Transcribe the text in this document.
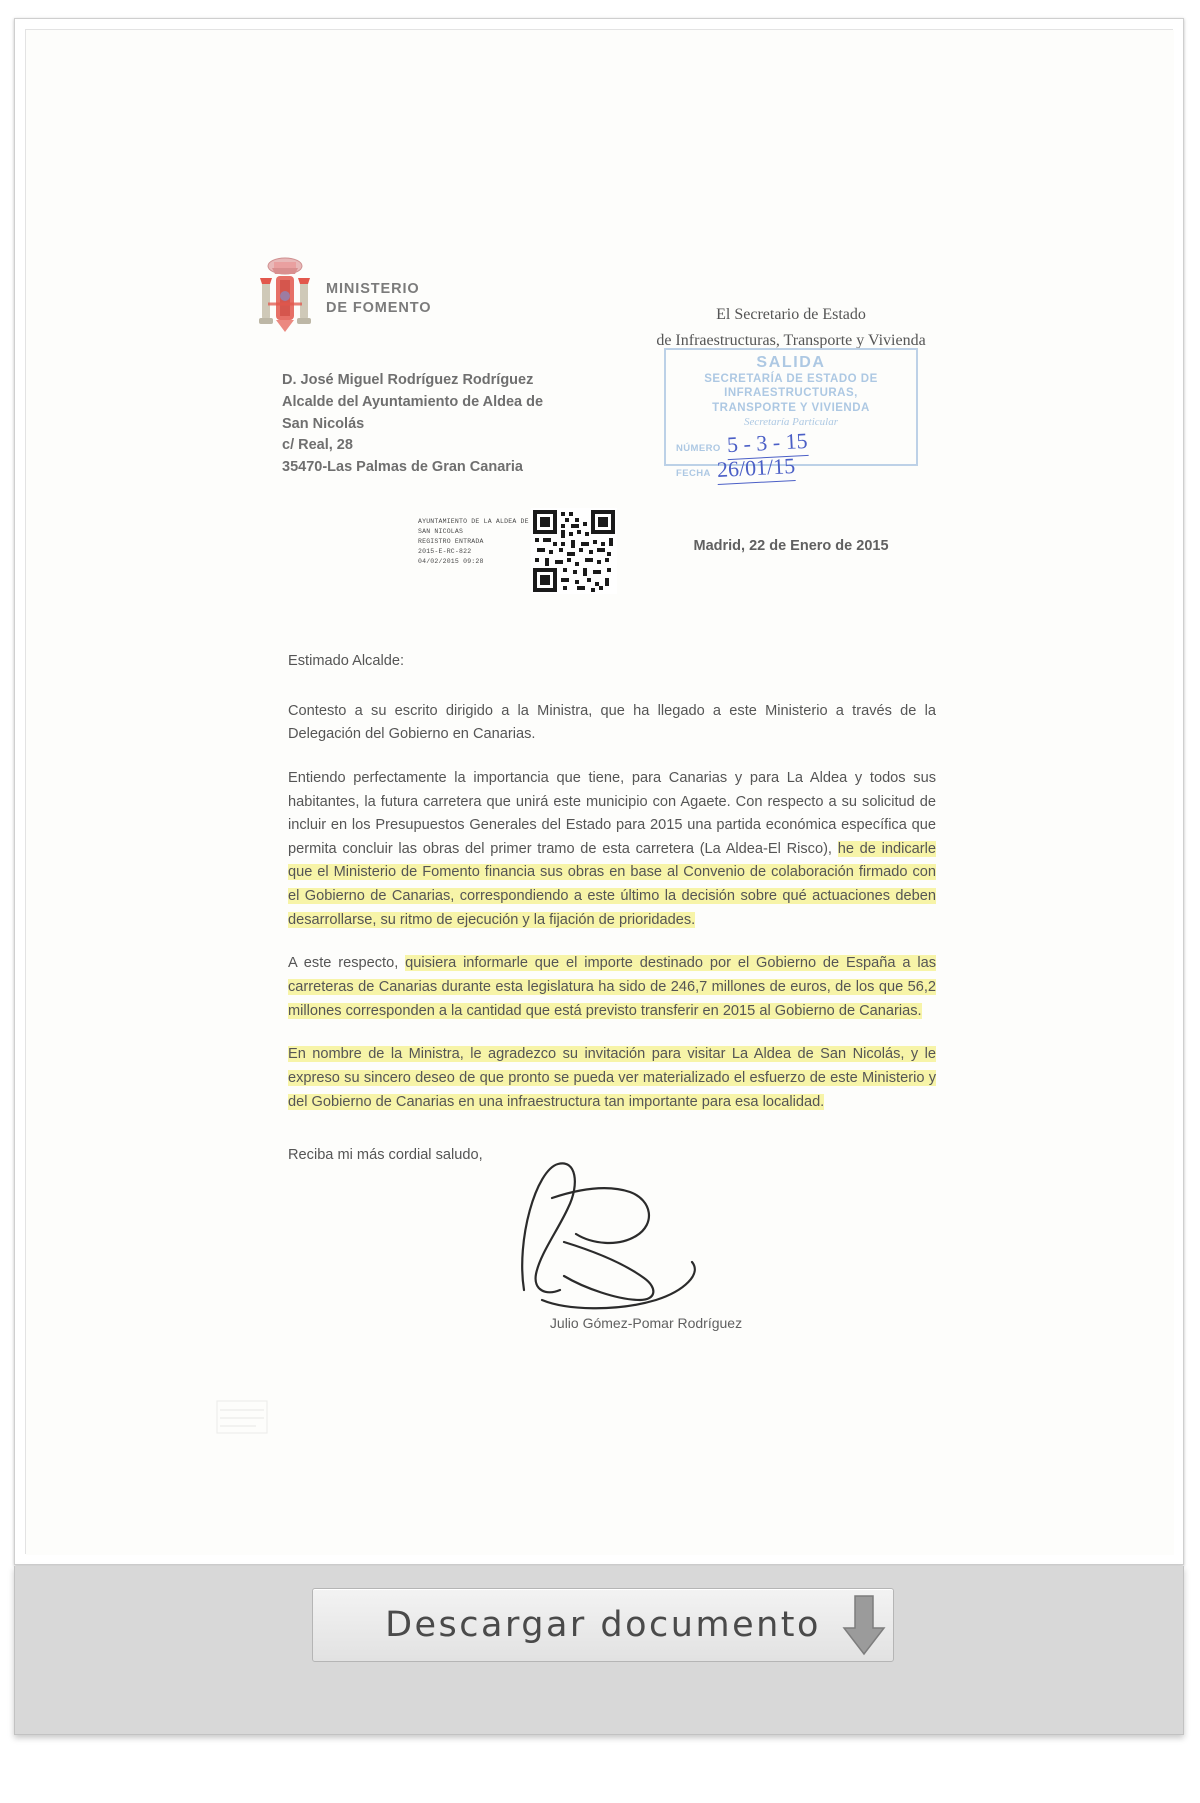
MINISTERIO
DE FOMENTO
D. José Miguel Rodríguez Rodríguez
Alcalde del Ayuntamiento de Aldea de
San Nicolás
c/ Real, 28
35470-Las Palmas de Gran Canaria
El Secretario de Estado
de Infraestructuras, Transporte y Vivienda
SALIDA
SECRETARÍA DE ESTADO DE
INFRAESTRUCTURAS,
TRANSPORTE Y VIVIENDA
Secretaría Particular
NÚMERO 5 - 3 - 15
FECHA 26/01/15
Madrid, 22 de Enero de 2015
AYUNTAMIENTO DE LA ALDEA DE
SAN NICOLAS
REGISTRO ENTRADA
2015-E-RC-822
04/02/2015 09:28
Estimado Alcalde:

Contesto a su escrito dirigido a la Ministra, que ha llegado a este Ministerio a través de la Delegación del Gobierno en Canarias.

Entiendo perfectamente la importancia que tiene, para Canarias y para La Aldea y todos sus habitantes, la futura carretera que unirá este municipio con Agaete. Con respecto a su solicitud de incluir en los Presupuestos Generales del Estado para 2015 una partida económica específica que permita concluir las obras del primer tramo de esta carretera (La Aldea-El Risco), he de indicarle que el Ministerio de Fomento financia sus obras en base al Convenio de colaboración firmado con el Gobierno de Canarias, correspondiendo a este último la decisión sobre qué actuaciones deben desarrollarse, su ritmo de ejecución y la fijación de prioridades.

A este respecto, quisiera informarle que el importe destinado por el Gobierno de España a las carreteras de Canarias durante esta legislatura ha sido de 246,7 millones de euros, de los que 56,2 millones corresponden a la cantidad que está previsto transferir en 2015 al Gobierno de Canarias.

En nombre de la Ministra, le agradezco su invitación para visitar La Aldea de San Nicolás, y le expreso su sincero deseo de que pronto se pueda ver materializado el esfuerzo de este Ministerio y del Gobierno de Canarias en una infraestructura tan importante para esa localidad.

Reciba mi más cordial saludo,
Julio Gómez-Pomar Rodríguez
Descargar documento
